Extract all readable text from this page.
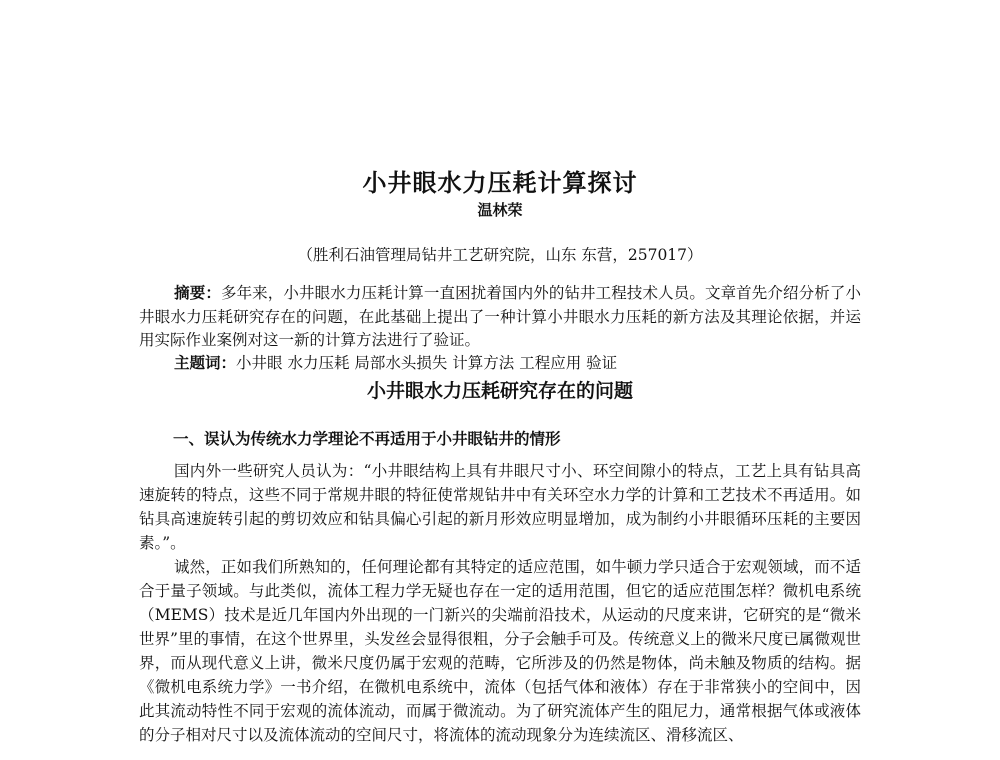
小井眼水力压耗计算探讨

温林荣

（胜利石油管理局钻井工艺研究院，山东 东营，257017）

摘要：多年来，小井眼水力压耗计算一直困扰着国内外的钻井工程技术人员。文章首先介绍分析了小井眼水力压耗研究存在的问题，在此基础上提出了一种计算小井眼水力压耗的新方法及其理论依据，并运用实际作业案例对这一新的计算方法进行了验证。

主题词：小井眼 水力压耗 局部水头损失 计算方法 工程应用 验证

小井眼水力压耗研究存在的问题
一、误认为传统水力学理论不再适用于小井眼钻井的情形

国内外一些研究人员认为：“小井眼结构上具有井眼尺寸小、环空间隙小的特点，工艺上具有钻具高速旋转的特点，这些不同于常规井眼的特征使常规钻井中有关环空水力学的计算和工艺技术不再适用。如钻具高速旋转引起的剪切效应和钻具偏心引起的新月形效应明显增加，成为制约小井眼循环压耗的主要因素。”。

诚然，正如我们所熟知的，任何理论都有其特定的适应范围，如牛顿力学只适合于宏观领域，而不适合于量子领域。与此类似，流体工程力学无疑也存在一定的适用范围，但它的适应范围怎样？微机电系统（MEMS）技术是近几年国内外出现的一门新兴的尖端前沿技术，从运动的尺度来讲，它研究的是“微米世界”里的事情，在这个世界里，头发丝会显得很粗，分子会触手可及。传统意义上的微米尺度已属微观世界，而从现代意义上讲，微米尺度仍属于宏观的范畴，它所涉及的仍然是物体，尚未触及物质的结构。据《微机电系统力学》一书介绍，在微机电系统中，流体（包括气体和液体）存在于非常狭小的空间中，因此其流动特性不同于宏观的流体流动，而属于微流动。为了研究流体产生的阻尼力，通常根据气体或液体的分子相对尺寸以及流体流动的空间尺寸，将流体的流动现象分为连续流区、滑移流区、
